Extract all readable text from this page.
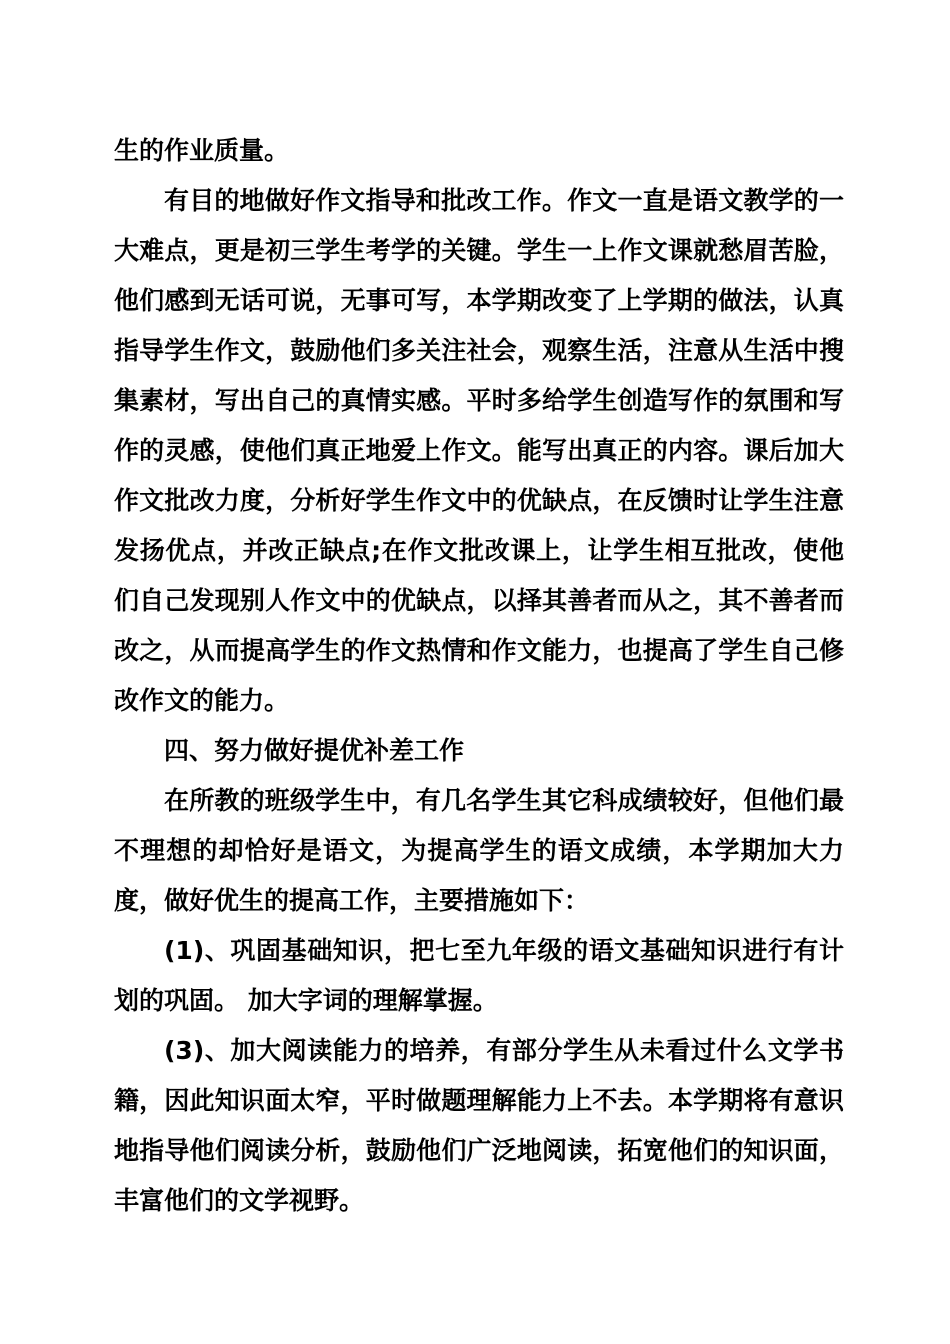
生的作业质量。

有目的地做好作文指导和批改工作。作文一直是语文教学的一大难点，更是初三学生考学的关键。学生一上作文课就愁眉苦脸，他们感到无话可说，无事可写，本学期改变了上学期的做法，认真指导学生作文，鼓励他们多关注社会，观察生活，注意从生活中搜集素材，写出自己的真情实感。平时多给学生创造写作的氛围和写作的灵感，使他们真正地爱上作文。能写出真正的内容。课后加大作文批改力度，分析好学生作文中的优缺点，在反馈时让学生注意发扬优点，并改正缺点;在作文批改课上，让学生相互批改，使他们自己发现别人作文中的优缺点，以择其善者而从之，其不善者而改之，从而提高学生的作文热情和作文能力，也提高了学生自己修改作文的能力。

四、努力做好提优补差工作

在所教的班级学生中，有几名学生其它科成绩较好，但他们最不理想的却恰好是语文，为提高学生的语文成绩，本学期加大力度，做好优生的提高工作，主要措施如下：

(1)、巩固基础知识，把七至九年级的语文基础知识进行有计划的巩固。 加大字词的理解掌握。

(3)、加大阅读能力的培养，有部分学生从未看过什么文学书籍，因此知识面太窄，平时做题理解能力上不去。本学期将有意识地指导他们阅读分析，鼓励他们广泛地阅读，拓宽他们的知识面，丰富他们的文学视野。
